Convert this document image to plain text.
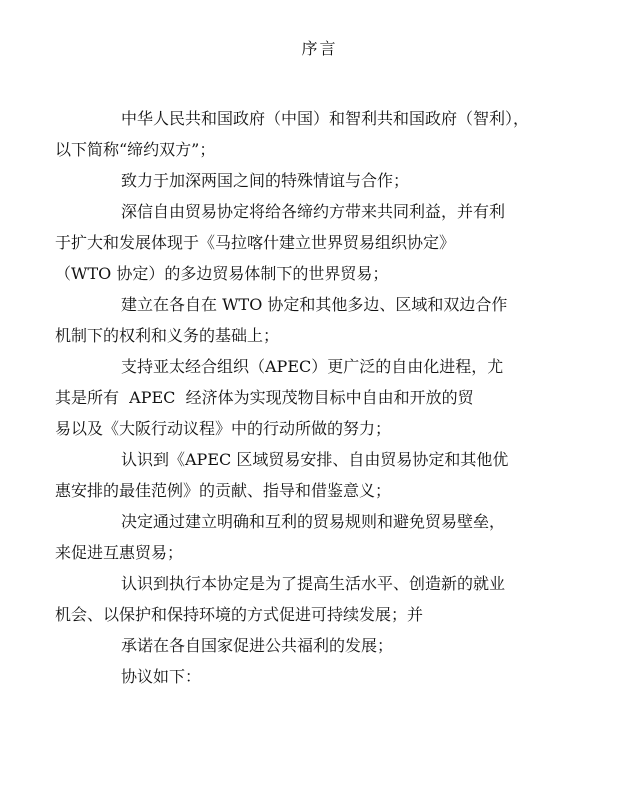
序言

中华人民共和国政府（中国）和智利共和国政府（智利），
以下简称“缔约双方”；

致力于加深两国之间的特殊情谊与合作；

深信自由贸易协定将给各缔约方带来共同利益，并有利
于扩大和发展体现于《马拉喀什建立世界贸易组织协定》
（WTO 协定）的多边贸易体制下的世界贸易；

建立在各自在 WTO 协定和其他多边、区域和双边合作
机制下的权利和义务的基础上；

支持亚太经合组织（APEC）更广泛的自由化进程，尤
其是所有  APEC  经济体为实现茂物目标中自由和开放的贸
易以及《大阪行动议程》中的行动所做的努力；

认识到《APEC 区域贸易安排、自由贸易协定和其他优
惠安排的最佳范例》的贡献、指导和借鉴意义；

决定通过建立明确和互利的贸易规则和避免贸易壁垒，
来促进互惠贸易；

认识到执行本协定是为了提高生活水平、创造新的就业
机会、以保护和保持环境的方式促进可持续发展；并

承诺在各自国家促进公共福利的发展；

协议如下：
